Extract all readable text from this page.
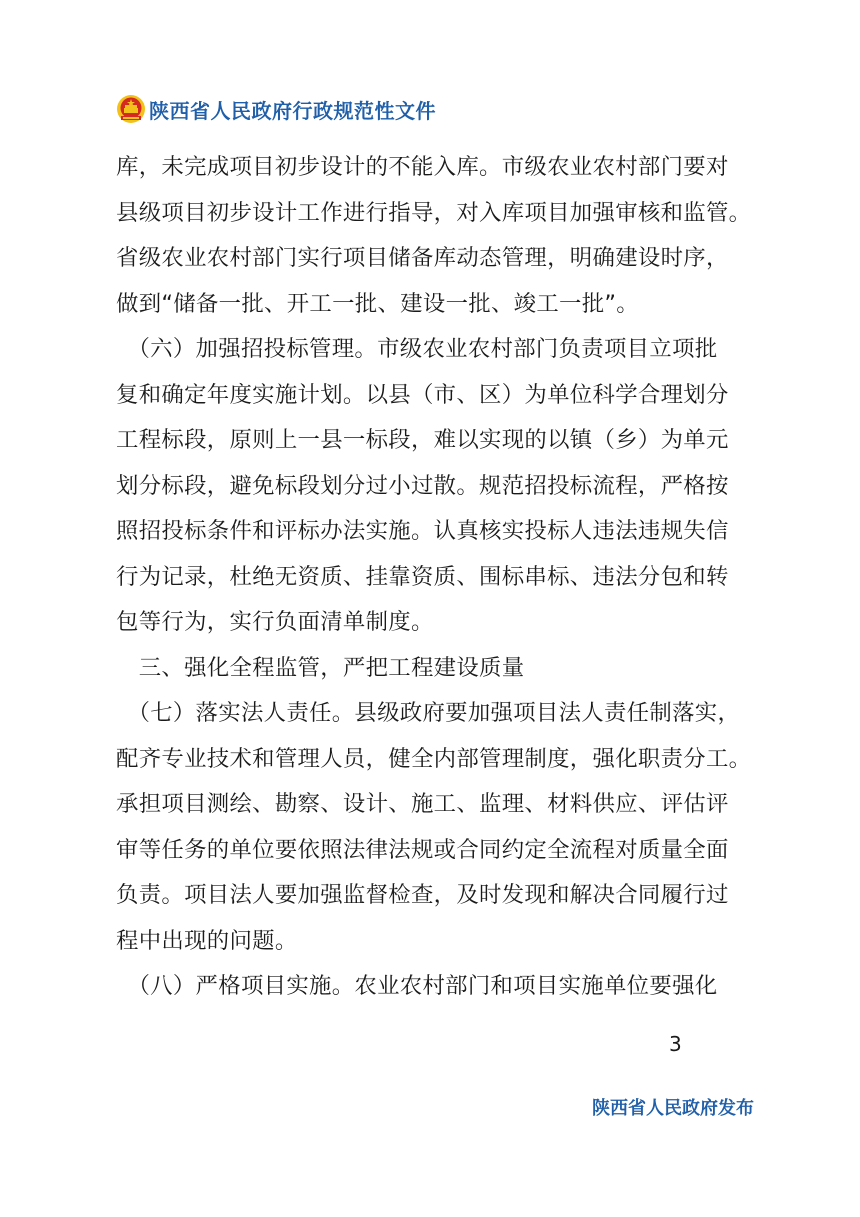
陕西省人民政府行政规范性文件
库，未完成项目初步设计的不能入库。市级农业农村部门要对
县级项目初步设计工作进行指导，对入库项目加强审核和监管。
省级农业农村部门实行项目储备库动态管理，明确建设时序，
做到“储备一批、开工一批、建设一批、竣工一批”。
　（六）加强招投标管理。市级农业农村部门负责项目立项批
复和确定年度实施计划。以县（市、区）为单位科学合理划分
工程标段，原则上一县一标段，难以实现的以镇（乡）为单元
划分标段，避免标段划分过小过散。规范招投标流程，严格按
照招投标条件和评标办法实施。认真核实投标人违法违规失信
行为记录，杜绝无资质、挂靠资质、围标串标、违法分包和转
包等行为，实行负面清单制度。
　三、强化全程监管，严把工程建设质量
　（七）落实法人责任。县级政府要加强项目法人责任制落实，
配齐专业技术和管理人员，健全内部管理制度，强化职责分工。
承担项目测绘、勘察、设计、施工、监理、材料供应、评估评
审等任务的单位要依照法律法规或合同约定全流程对质量全面
负责。项目法人要加强监督检查，及时发现和解决合同履行过
程中出现的问题。
　（八）严格项目实施。农业农村部门和项目实施单位要强化
3
陕西省人民政府发布
